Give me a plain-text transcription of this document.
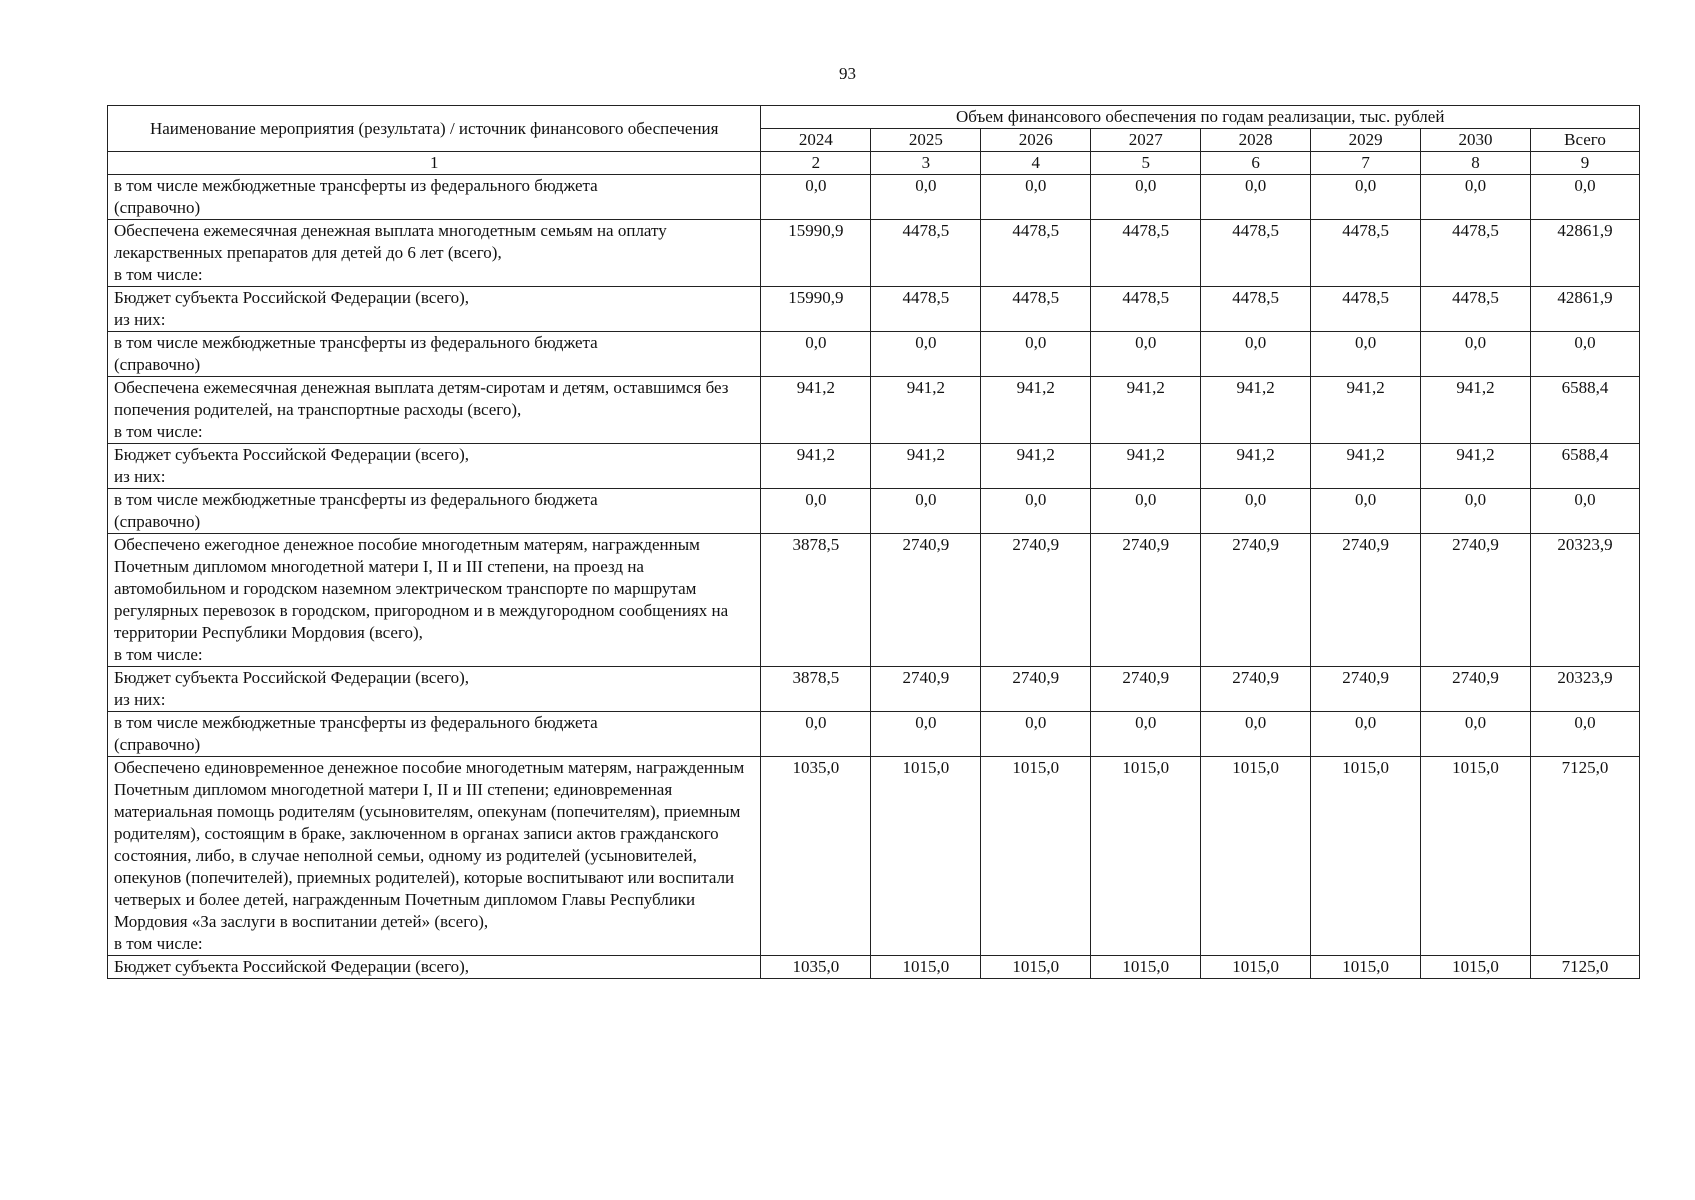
93
Наименование мероприятия (результата) / источник финансового обеспечения	Объем финансового обеспечения по годам реализации, тыс. рублей							
	2024	2025	2026	2027	2028	2029	2030	Всего
1	2	3	4	5	6	7	8	9
в том числе межбюджетные трансферты из федерального бюджета
(справочно)	0,0	0,0	0,0	0,0	0,0	0,0	0,0	0,0
Обеспечена ежемесячная денежная выплата многодетным семьям на оплату лекарственных препаратов для детей до 6 лет (всего),
в том числе:	15990,9	4478,5	4478,5	4478,5	4478,5	4478,5	4478,5	42861,9
Бюджет субъекта Российской Федерации (всего),
из них:	15990,9	4478,5	4478,5	4478,5	4478,5	4478,5	4478,5	42861,9
в том числе межбюджетные трансферты из федерального бюджета
(справочно)	0,0	0,0	0,0	0,0	0,0	0,0	0,0	0,0
Обеспечена ежемесячная денежная выплата детям-сиротам и детям, оставшимся без попечения родителей, на транспортные расходы (всего),
в том числе:	941,2	941,2	941,2	941,2	941,2	941,2	941,2	6588,4
Бюджет субъекта Российской Федерации (всего),
из них:	941,2	941,2	941,2	941,2	941,2	941,2	941,2	6588,4
в том числе межбюджетные трансферты из федерального бюджета
(справочно)	0,0	0,0	0,0	0,0	0,0	0,0	0,0	0,0
Обеспечено ежегодное денежное пособие многодетным матерям, награжденным Почетным дипломом многодетной матери I, II и III степени, на проезд на автомобильном и городском наземном электрическом транспорте по маршрутам регулярных перевозок в городском, пригородном и в междугородном сообщениях на территории Республики Мордовия (всего),
в том числе:	3878,5	2740,9	2740,9	2740,9	2740,9	2740,9	2740,9	20323,9
Бюджет субъекта Российской Федерации (всего),
из них:	3878,5	2740,9	2740,9	2740,9	2740,9	2740,9	2740,9	20323,9
в том числе межбюджетные трансферты из федерального бюджета
(справочно)	0,0	0,0	0,0	0,0	0,0	0,0	0,0	0,0
Обеспечено единовременное денежное пособие многодетным матерям, награжденным Почетным дипломом многодетной матери I, II и III степени; единовременная материальная помощь родителям (усыновителям, опекунам (попечителям), приемным родителям), состоящим в браке, заключенном в органах записи актов гражданского состояния, либо, в случае неполной семьи, одному из родителей (усыновителей, опекунов (попечителей), приемных родителей), которые воспитывают или воспитали четверых и более детей, награжденным Почетным дипломом Главы Республики Мордовия «За заслуги в воспитании детей» (всего),
в том числе:	1035,0	1015,0	1015,0	1015,0	1015,0	1015,0	1015,0	7125,0
Бюджет субъекта Российской Федерации (всего),	1035,0	1015,0	1015,0	1015,0	1015,0	1015,0	1015,0	7125,0
